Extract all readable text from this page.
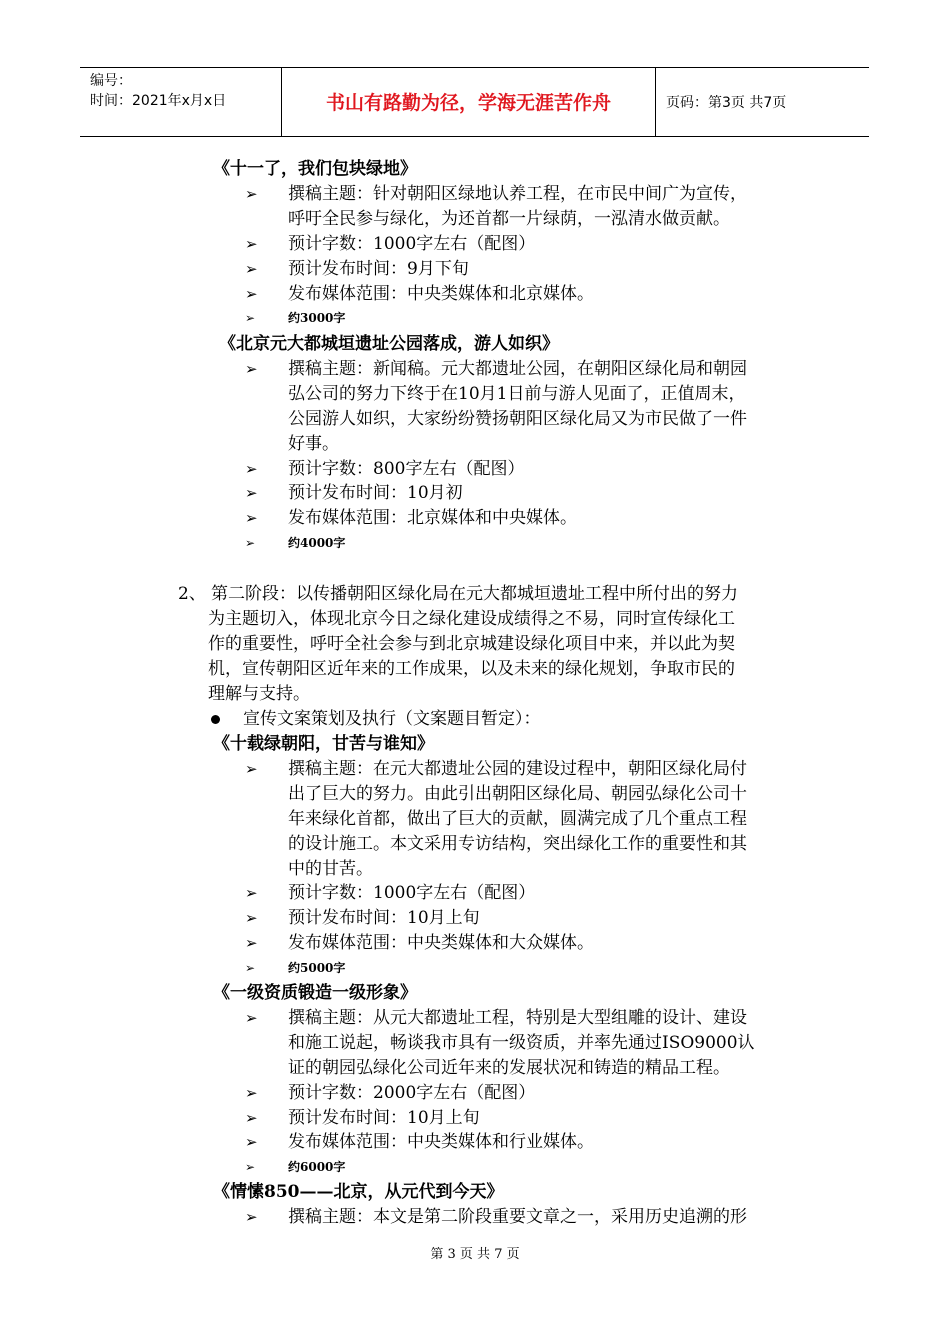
编号：
时间：2021年x月x日	书山有路勤为径，学海无涯苦作舟	页码：第3页 共7页
《十一了，我们包块绿地》
➢ 撰稿主题：针对朝阳区绿地认养工程，在市民中间广为宣传，
呼吁全民参与绿化，为还首都一片绿荫，一泓清水做贡献。
➢ 预计字数：1000字左右（配图）
➢ 预计发布时间：9月下旬
➢ 发布媒体范围：中央类媒体和北京媒体。
➢	约3000字
《北京元大都城垣遗址公园落成，游人如织》
➢ 撰稿主题：新闻稿。元大都遗址公园，在朝阳区绿化局和朝园
弘公司的努力下终于在10月1日前与游人见面了，正值周末，
公园游人如织，大家纷纷赞扬朝阳区绿化局又为市民做了一件
好事。
➢ 预计字数：800字左右（配图）
➢ 预计发布时间：10月初
➢ 发布媒体范围：北京媒体和中央媒体。
➢	约4000字
2、 第二阶段：以传播朝阳区绿化局在元大都城垣遗址工程中所付出的努力
为主题切入，体现北京今日之绿化建设成绩得之不易，同时宣传绿化工
作的重要性，呼吁全社会参与到北京城建设绿化项目中来，并以此为契
机，宣传朝阳区近年来的工作成果，以及未来的绿化规划，争取市民的
理解与支持。
宣传文案策划及执行（文案题目暂定）：
《十载绿朝阳，甘苦与谁知》
➢ 撰稿主题：在元大都遗址公园的建设过程中，朝阳区绿化局付
出了巨大的努力。由此引出朝阳区绿化局、朝园弘绿化公司十
年来绿化首都，做出了巨大的贡献，圆满完成了几个重点工程
的设计施工。本文采用专访结构，突出绿化工作的重要性和其
中的甘苦。
➢ 预计字数：1000字左右（配图）
➢ 预计发布时间：10月上旬
➢ 发布媒体范围：中央类媒体和大众媒体。
➢	约5000字
《一级资质锻造一级形象》
➢ 撰稿主题：从元大都遗址工程，特别是大型组雕的设计、建设
和施工说起，畅谈我市具有一级资质，并率先通过ISO9000认
证的朝园弘绿化公司近年来的发展状况和铸造的精品工程。
➢ 预计字数：2000字左右（配图）
➢ 预计发布时间：10月上旬
➢ 发布媒体范围：中央类媒体和行业媒体。
➢	约6000字
《情愫850——北京，从元代到今天》
➢ 撰稿主题：本文是第二阶段重要文章之一，采用历史追溯的形
第 3 页 共 7 页
